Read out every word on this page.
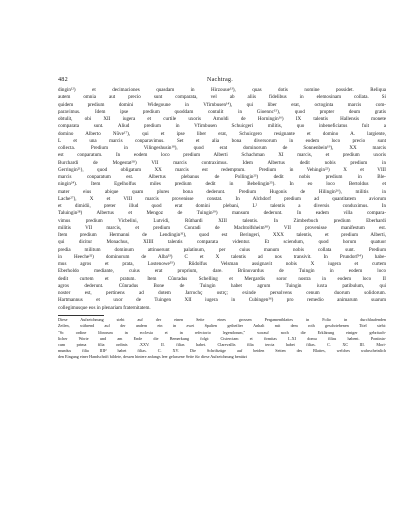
482	Nachtrag.

dingin¹²) et decimaciones quasdam in Hirzouue¹³), quas dotis nomine possidet. Reliqua
autem omnia aut precio sunt comparata, vel ab aliis fidelibus in elemosinam collata. Si
quidem predium domini Widegoune in Vfirnbusen¹⁴), qui liber erat, octoginta marcis com-
paravimus. Idem ipse predium quoddam contulit in Gioennc¹⁵), quod propter deum gratis
obtulit, obi XII iugera et curtile uxoris Arnoldi de Horningin¹⁶) IX talentis Hallensis monete
comparata sunt. Aliud predium in Vfirnbusen Schuicgeri militis, quo inbeneficiatus fuit a
domino Alberto Nûve¹⁷), qui et ipse liber erat, Schuicgero resignante et domino A. largiente,
L et una marcis conparavimus. Set et alia bona diversorum in eodem loco precio sunt
collecta. Predium in Vilingeshusin¹⁸), quod erat dominorum de Sonnenbein¹⁹), XX marcis
est conparatum. In eodem loco predium Alberti Schachman XI marcis, et predium uxoris
Burchardi de Mogestat²⁰) VII marcis contraximus. Idem Albertus dedit nobis predium in
Gerringin²¹), quod obligatum XX marcis est redemptum. Predium in Vehingin²²) X et VIII
marcis conparatum est. Albertus plebanus de Pollingin²³) dedit nobis predium in Ble-
ningin²⁴). Item Egelholfus miles predium dedit in Bebelingin²⁵). In eo loco Bertoldus et
mater eius abique quam plures bona dederunt. Predium Hugonis de Hilingin²⁶), militis in
Lache²⁷), X et VIII marcis provenisse constat. In Alchdorf predium ad quantitatem aviorum
et dimidii, preter illud quod erat domini plebani, L² talentis a diversis conduximus. In
Taluingin²⁸) Albertus et Mengoz de Tuingin²⁹) mansum dederunt. In eadem villa compara-
vimus predium Vicbelini, Lutvidi, Rûthardi XIII talentis. In Zimberbuch predium Eberhardi
militis VII marcis, et predium Conradi de Machtolfsheim³⁰) VII provenisse manifestum est.
Item predium Hermanni de Lendingin³¹), quod est Beringeri, XXX talentis, et predium Alberti,
qui dicitur Monachus, XIIII talentis comparata videntur. Et sciendum, quod horum quatuor
predia militum dominum attinuerunt palatinum, per cuius manum nobis collata sunt. Predium
in Heeche³²) dominorum de Alba³³) C et X talentis ad nos transivit. In Prundorf³⁴) habe-
mus agros et prata, Lostenowe³⁵) Rûdolfus Velsman assignavit nobis X iugera et curtem
Eberholdo mediante, cuius erat proprium, dare. Brûnuvardus de Tuingin in eodem loco
dedit curtem et pratum. Item Cûnradus Schelling et Mergardis soror nostra in eodem loco II
agros dederunt. Cûnradus Bone de Tuingin habet agrum Tuingin iuxta patibulum, qui
noster est, pertinens ad dotem Jarrochç ostrç; exinde persolvens cenum duorum solidorum.
Hartmannus et uxor de Tuingen XII iugera in Cubingen³⁶) pro remedio animarum suarum
collegimusque eos in plenariam fraternitatem.

Diese Aufzeichnung steht auf der einen Seite eines grossen Pergamentblattes in Folio in durchlaufenden
Zeilen, während auf der andern ein in zwei Spalten getheilter Anhalt mit dem roth geschriebenen Titel steht:
"Sc ordine librorum in ecclesia et in refectorio legendorum," worauf noch die Erklärung einiger gebräuch-
licher Worte und am Ende die Bemerkung folgt: Cisterciam et firmitas L.XI domu filias habent. Pontinia-
cum prima filia ordinis .XXV. II. filias habet. Clarevallis filia tercia habet filias. C. XC III. Mori-
mundus filia IIII² habet filias. C. XV. Die Schriftzüge auf beiden Seiten des Blattes, welches wahrscheinlich
den Eingang einer Handschrift bildete, dessen hintere anfangs leer gelassene Seite für diese Aufzeichnung benützt
